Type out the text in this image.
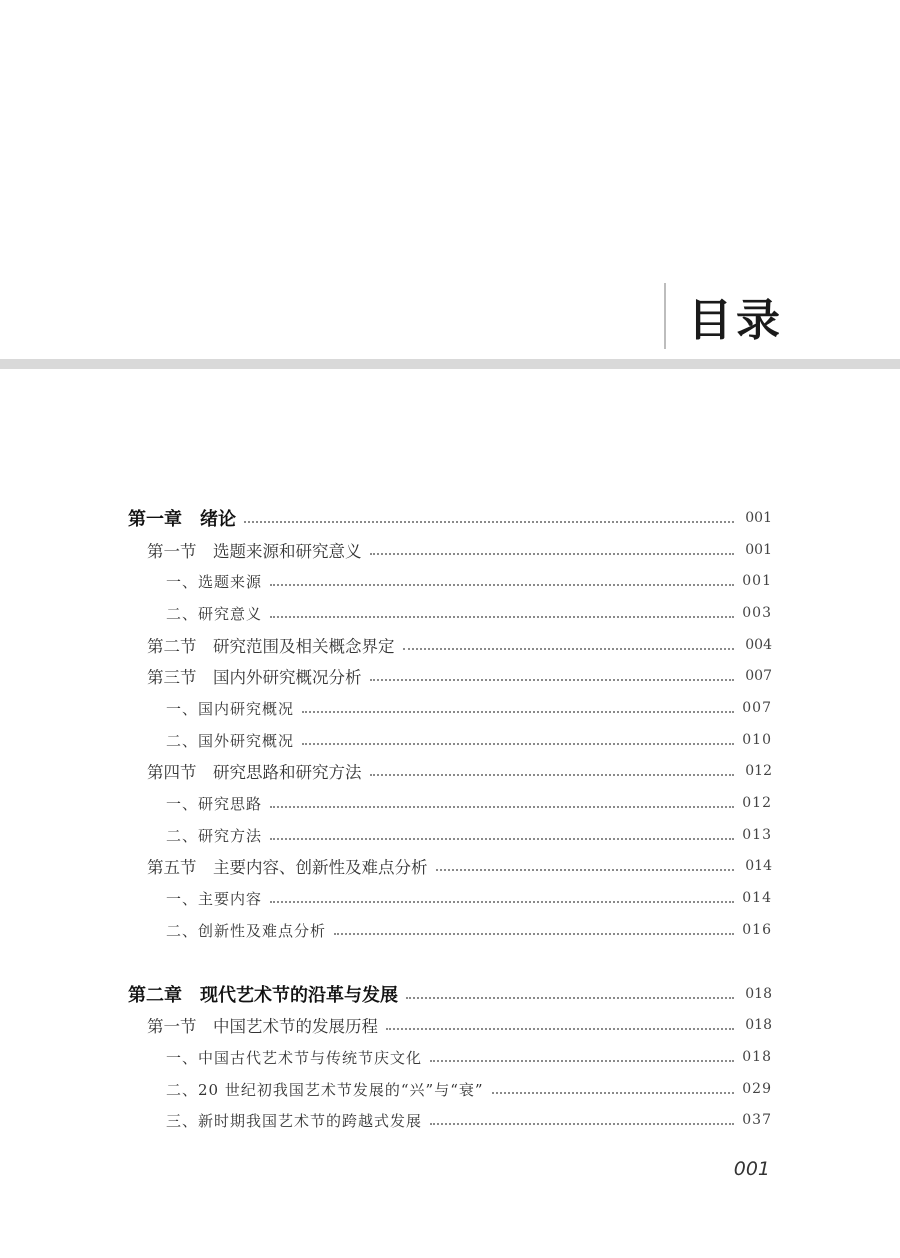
目录
第一章　绪论	001
第一节　选题来源和研究意义	001
一、选题来源	001
二、研究意义	003
第二节　研究范围及相关概念界定	004
第三节　国内外研究概况分析	007
一、国内研究概况	007
二、国外研究概况	010
第四节　研究思路和研究方法	012
一、研究思路	012
二、研究方法	013
第五节　主要内容、创新性及难点分析	014
一、主要内容	014
二、创新性及难点分析	016
第二章　现代艺术节的沿革与发展	018
第一节　中国艺术节的发展历程	018
一、中国古代艺术节与传统节庆文化	018
二、20 世纪初我国艺术节发展的“兴”与“衰”	029
三、新时期我国艺术节的跨越式发展	037
001
